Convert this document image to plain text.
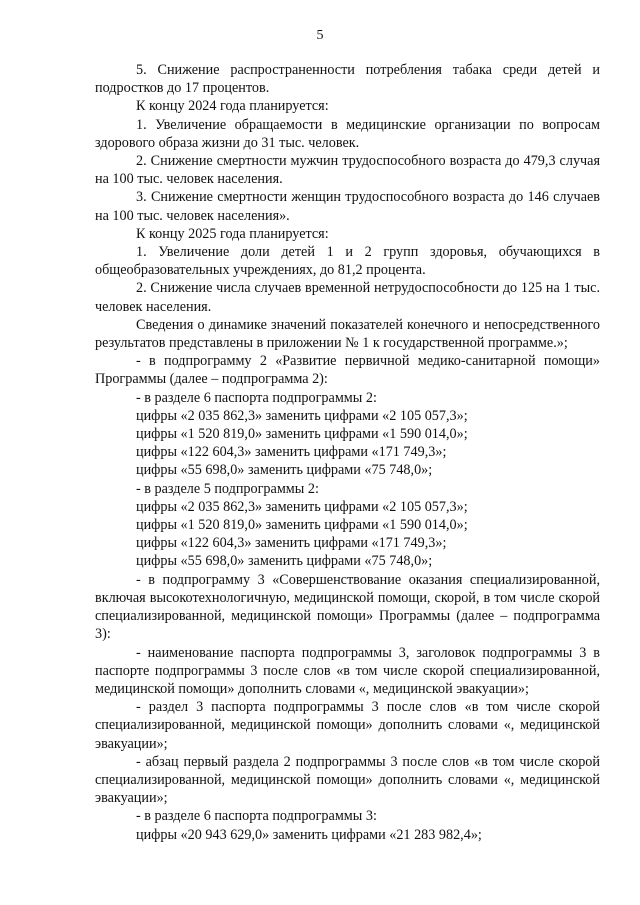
5

5. Снижение распространенности потребления табака среди детей и подростков до 17 процентов.

К концу 2024 года планируется:

1. Увеличение обращаемости в медицинские организации по вопросам здорового образа жизни до 31 тыс. человек.

2. Снижение смертности мужчин трудоспособного возраста до 479,3 случая на 100 тыс. человек населения.

3. Снижение смертности женщин трудоспособного возраста до 146 случаев на 100 тыс. человек населения».

К концу 2025 года планируется:

1. Увеличение доли детей 1 и 2 групп здоровья, обучающихся в общеобразовательных учреждениях, до 81,2 процента.

2. Снижение числа случаев временной нетрудоспособности до 125 на 1 тыс. человек населения.

Сведения о динамике значений показателей конечного и непосредственного результатов представлены в приложении № 1 к государственной программе.»;

- в подпрограмму 2 «Развитие первичной медико-санитарной помощи» Программы (далее – подпрограмма 2):

- в разделе 6 паспорта подпрограммы 2:

цифры «2 035 862,3» заменить цифрами «2 105 057,3»;

цифры «1 520 819,0» заменить цифрами «1 590 014,0»;

цифры «122 604,3» заменить цифрами «171 749,3»;

цифры «55 698,0» заменить цифрами «75 748,0»;

- в разделе 5 подпрограммы 2:

цифры «2 035 862,3» заменить цифрами «2 105 057,3»;

цифры «1 520 819,0» заменить цифрами «1 590 014,0»;

цифры «122 604,3» заменить цифрами «171 749,3»;

цифры «55 698,0» заменить цифрами «75 748,0»;

- в подпрограмму 3 «Совершенствование оказания специализированной, включая высокотехнологичную, медицинской помощи, скорой, в том числе скорой специализированной, медицинской помощи» Программы (далее – подпрограмма 3):

- наименование паспорта подпрограммы 3, заголовок подпрограммы 3 в паспорте подпрограммы 3 после слов «в том числе скорой специализированной, медицинской помощи» дополнить словами «, медицинской эвакуации»;

- раздел 3 паспорта подпрограммы 3 после слов «в том числе скорой специализированной, медицинской помощи» дополнить словами «, медицинской эвакуации»;

- абзац первый раздела 2 подпрограммы 3 после слов «в том числе скорой специализированной, медицинской помощи» дополнить словами «, медицинской эвакуации»;

- в разделе 6 паспорта подпрограммы 3:

цифры «20 943 629,0» заменить цифрами «21 283 982,4»;
